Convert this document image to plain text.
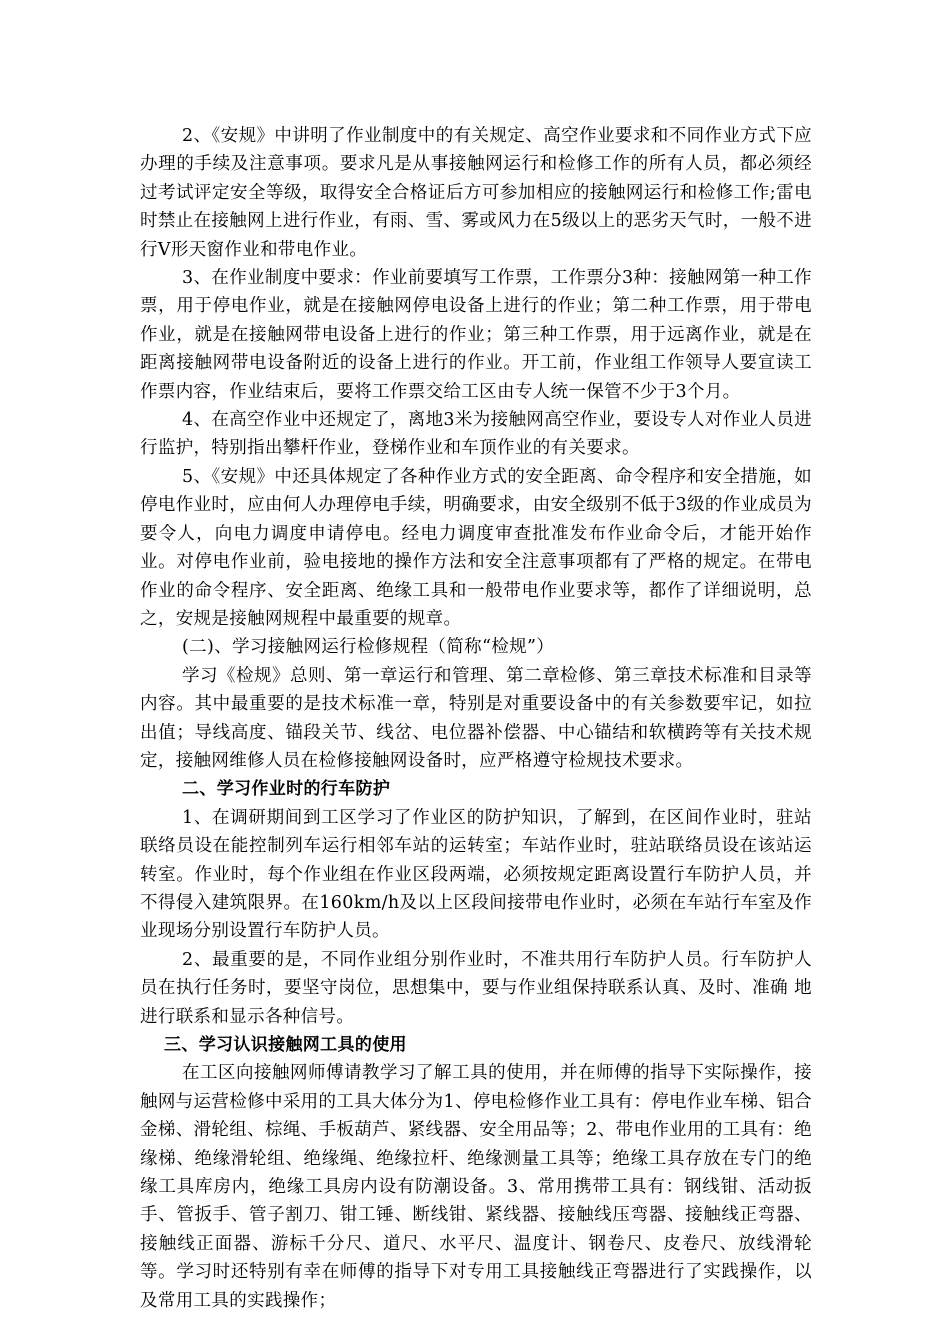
2、《安规》中讲明了作业制度中的有关规定、高空作业要求和不同作业方式下应办理的手续及注意事项。要求凡是从事接触网运行和检修工作的所有人员，都必须经过考试评定安全等级，取得安全合格证后方可参加相应的接触网运行和检修工作;雷电时禁止在接触网上进行作业，有雨、雪、雾或风力在5级以上的恶劣天气时，一般不进行V形天窗作业和带电作业。

3、在作业制度中要求：作业前要填写工作票，工作票分3种：接触网第一种工作票，用于停电作业，就是在接触网停电设备上进行的作业；第二种工作票，用于带电作业，就是在接触网带电设备上进行的作业；第三种工作票，用于远离作业，就是在距离接触网带电设备附近的设备上进行的作业。开工前，作业组工作领导人要宣读工作票内容，作业结束后，要将工作票交给工区由专人统一保管不少于3个月。

4、在高空作业中还规定了，离地3米为接触网高空作业，要设专人对作业人员进行监护，特别指出攀杆作业，登梯作业和车顶作业的有关要求。

5、《安规》中还具体规定了各种作业方式的安全距离、命令程序和安全措施，如停电作业时，应由何人办理停电手续，明确要求，由安全级别不低于3级的作业成员为要令人，向电力调度申请停电。经电力调度审查批准发布作业命令后，才能开始作业。对停电作业前，验电接地的操作方法和安全注意事项都有了严格的规定。在带电作业的命令程序、安全距离、绝缘工具和一般带电作业要求等，都作了详细说明，总之，安规是接触网规程中最重要的规章。

(二)、学习接触网运行检修规程（简称“检规”）

学习《检规》总则、第一章运行和管理、第二章检修、第三章技术标准和目录等内容。其中最重要的是技术标准一章，特别是对重要设备中的有关参数要牢记，如拉出值；导线高度、锚段关节、线岔、电位器补偿器、中心锚结和软横跨等有关技术规定，接触网维修人员在检修接触网设备时，应严格遵守检规技术要求。

二、学习作业时的行车防护

1、在调研期间到工区学习了作业区的防护知识，了解到，在区间作业时，驻站联络员设在能控制列车运行相邻车站的运转室；车站作业时，驻站联络员设在该站运转室。作业时，每个作业组在作业区段两端，必须按规定距离设置行车防护人员，并不得侵入建筑限界。在160km/h及以上区段间接带电作业时，必须在车站行车室及作业现场分别设置行车防护人员。

2、最重要的是，不同作业组分别作业时，不准共用行车防护人员。行车防护人员在执行任务时，要坚守岗位，思想集中，要与作业组保持联系认真、及时、准确 地进行联系和显示各种信号。

三、学习认识接触网工具的使用

在工区向接触网师傅请教学习了解工具的使用，并在师傅的指导下实际操作，接触网与运营检修中采用的工具大体分为1、停电检修作业工具有：停电作业车梯、铝合金梯、滑轮组、棕绳、手板葫芦、紧线器、安全用品等；2、带电作业用的工具有：绝缘梯、绝缘滑轮组、绝缘绳、绝缘拉杆、绝缘测量工具等；绝缘工具存放在专门的绝缘工具库房内，绝缘工具房内设有防潮设备。3、常用携带工具有：钢线钳、活动扳手、管扳手、管子割刀、钳工锤、断线钳、紧线器、接触线压弯器、接触线正弯器、接触线正面器、游标千分尺、道尺、水平尺、温度计、钢卷尺、皮卷尺、放线滑轮等。学习时还特别有幸在师傅的指导下对专用工具接触线正弯器进行了实践操作，以及常用工具的实践操作；
